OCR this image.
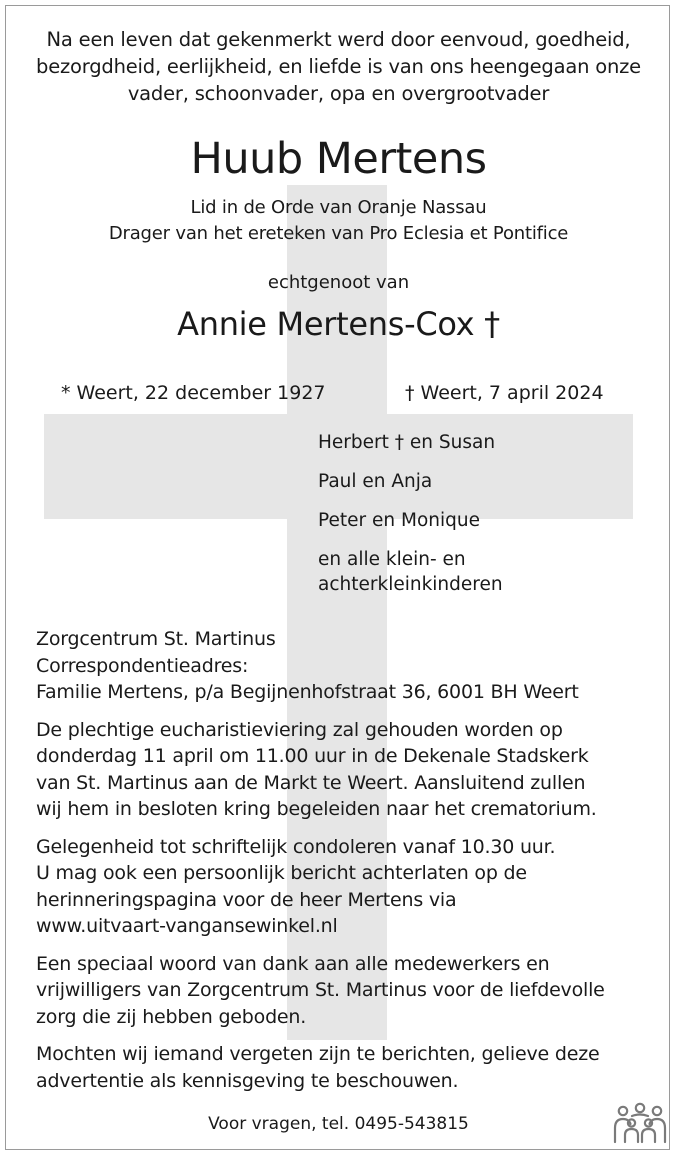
Na een leven dat gekenmerkt werd door eenvoud, goedheid,
bezorgdheid, eerlijkheid, en liefde is van ons heengegaan onze
vader, schoonvader, opa en overgrootvader
Huub Mertens
Lid in de Orde van Oranje Nassau
Drager van het ereteken van Pro Eclesia et Pontifice
echtgenoot van
Annie Mertens-Cox †
* Weert, 22 december 1927	† Weert, 7 april 2024
Herbert † en Susan
Paul en Anja
Peter en Monique
en alle klein- en
achterkleinkinderen
Zorgcentrum St. Martinus
Correspondentieadres:
Familie Mertens, p/a Begijnenhofstraat 36, 6001 BH Weert
De plechtige eucharistieviering zal gehouden worden op
donderdag 11 april om 11.00 uur in de Dekenale Stadskerk
van St. Martinus aan de Markt te Weert. Aansluitend zullen
wij hem in besloten kring begeleiden naar het crematorium.
Gelegenheid tot schriftelijk condoleren vanaf 10.30 uur.
U mag ook een persoonlijk bericht achterlaten op de
herinneringspagina voor de heer Mertens via
www.uitvaart-vangansewinkel.nl
Een speciaal woord van dank aan alle medewerkers en
vrijwilligers van Zorgcentrum St. Martinus voor de liefdevolle
zorg die zij hebben geboden.
Mochten wij iemand vergeten zijn te berichten, gelieve deze
advertentie als kennisgeving te beschouwen.
Voor vragen, tel. 0495-543815
